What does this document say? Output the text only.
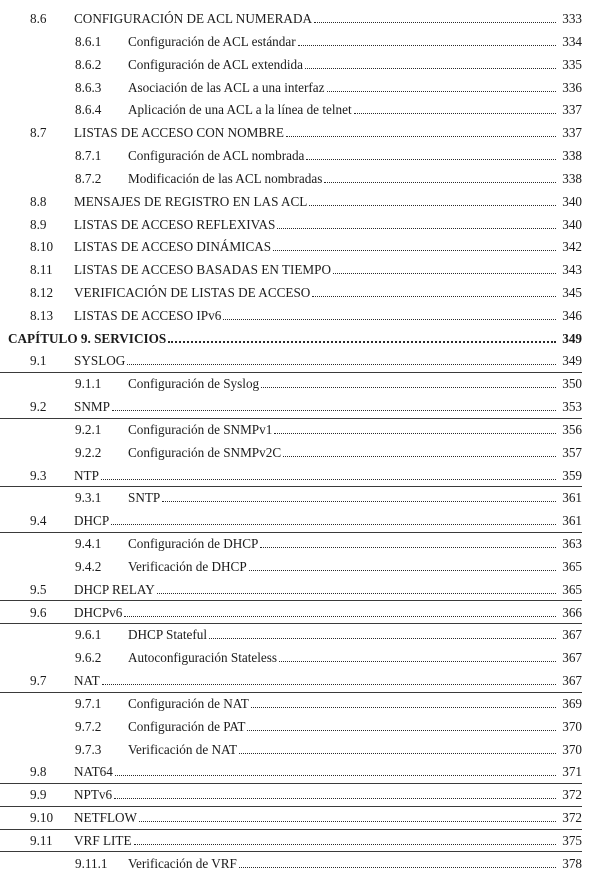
8.6 CONFIGURACIÓN DE ACL NUMERADA	333
8.6.1 Configuración de ACL estándar	334
8.6.2 Configuración de ACL extendida	335
8.6.3 Asociación de las ACL a una interfaz	336
8.6.4 Aplicación de una ACL a la línea de telnet	337
8.7 LISTAS DE ACCESO CON NOMBRE	337
8.7.1 Configuración de ACL nombrada	338
8.7.2 Modificación de las ACL nombradas	338
8.8 MENSAJES DE REGISTRO EN LAS ACL	340
8.9 LISTAS DE ACCESO REFLEXIVAS	340
8.10 LISTAS DE ACCESO DINÁMICAS	342
8.11 LISTAS DE ACCESO BASADAS EN TIEMPO	343
8.12 VERIFICACIÓN DE LISTAS DE ACCESO	345
8.13 LISTAS DE ACCESO IPv6	346
CAPÍTULO 9. SERVICIOS	349
9.1 SYSLOG	349
9.1.1 Configuración de Syslog	350
9.2 SNMP	353
9.2.1 Configuración de SNMPv1	356
9.2.2 Configuración de SNMPv2C	357
9.3 NTP	359
9.3.1 SNTP	361
9.4 DHCP	361
9.4.1 Configuración de DHCP	363
9.4.2 Verificación de DHCP	365
9.5 DHCP RELAY	365
9.6 DHCPv6	366
9.6.1 DHCP Stateful	367
9.6.2 Autoconfiguración Stateless	367
9.7 NAT	367
9.7.1 Configuración de NAT	369
9.7.2 Configuración de PAT	370
9.7.3 Verificación de NAT	370
9.8 NAT64	371
9.9 NPTv6	372
9.10 NETFLOW	372
9.11 VRF LITE	375
9.11.1 Verificación de VRF	378
